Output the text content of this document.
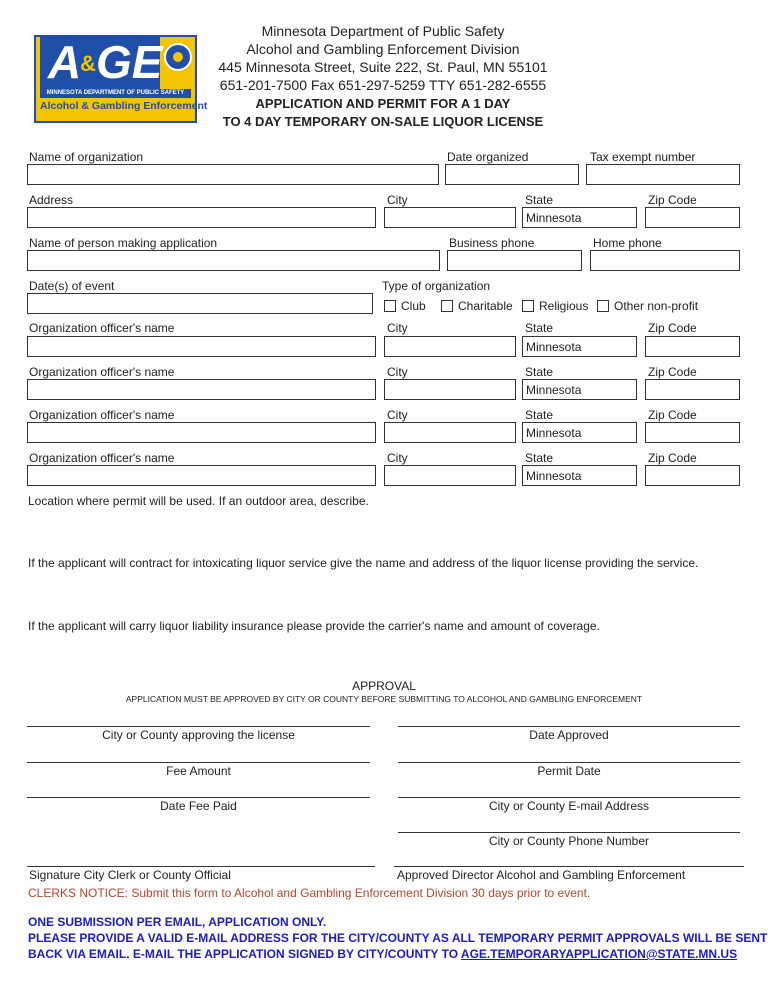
A
& GE
MINNESOTA DEPARTMENT OF PUBLIC SAFETY
Alcohol & Gambling Enforcement
Minnesota Department of Public Safety
Alcohol and Gambling Enforcement Division
445 Minnesota Street, Suite 222, St. Paul, MN 55101
651-201-7500 Fax 651-297-5259 TTY 651-282-6555
APPLICATION AND PERMIT FOR A 1 DAY
TO 4 DAY TEMPORARY ON-SALE LIQUOR LICENSE
Name of organization	Date organized	Tax exempt number
Address	City	State	Zip Code
Minnesota
Name of person making application	Business phone	Home phone
Date(s) of event	Type of organization
Club	Charitable Religious Other non-profit
Organization officer's name	City	State	Zip Code
Minnesota
Organization officer's name	City	State	Zip Code
Minnesota
Organization officer's name	City	State	Zip Code
Minnesota
Organization officer's name	City	State	Zip Code
Minnesota
Location where permit will be used. If an outdoor area, describe.
If the applicant will contract for intoxicating liquor service give the name and address of the liquor license providing the service.
If the applicant will carry liquor liability insurance please provide the carrier's name and amount of coverage.
APPROVAL
APPLICATION MUST BE APPROVED BY CITY OR COUNTY BEFORE SUBMITTING TO ALCOHOL AND GAMBLING ENFORCEMENT
City or County approving the license	Date Approved
Fee Amount	Permit Date
Date Fee Paid	City or County E-mail Address
City or County Phone Number
Signature City Clerk or County Official	Approved Director Alcohol and Gambling Enforcement
CLERKS NOTICE: Submit this form to Alcohol and Gambling Enforcement Division 30 days prior to event.
ONE SUBMISSION PER EMAIL, APPLICATION ONLY.
PLEASE PROVIDE A VALID E-MAIL ADDRESS FOR THE CITY/COUNTY AS ALL TEMPORARY PERMIT APPROVALS WILL BE SENT
BACK VIA EMAIL. E-MAIL THE APPLICATION SIGNED BY CITY/COUNTY TO AGE.TEMPORARYAPPLICATION@STATE.MN.US
